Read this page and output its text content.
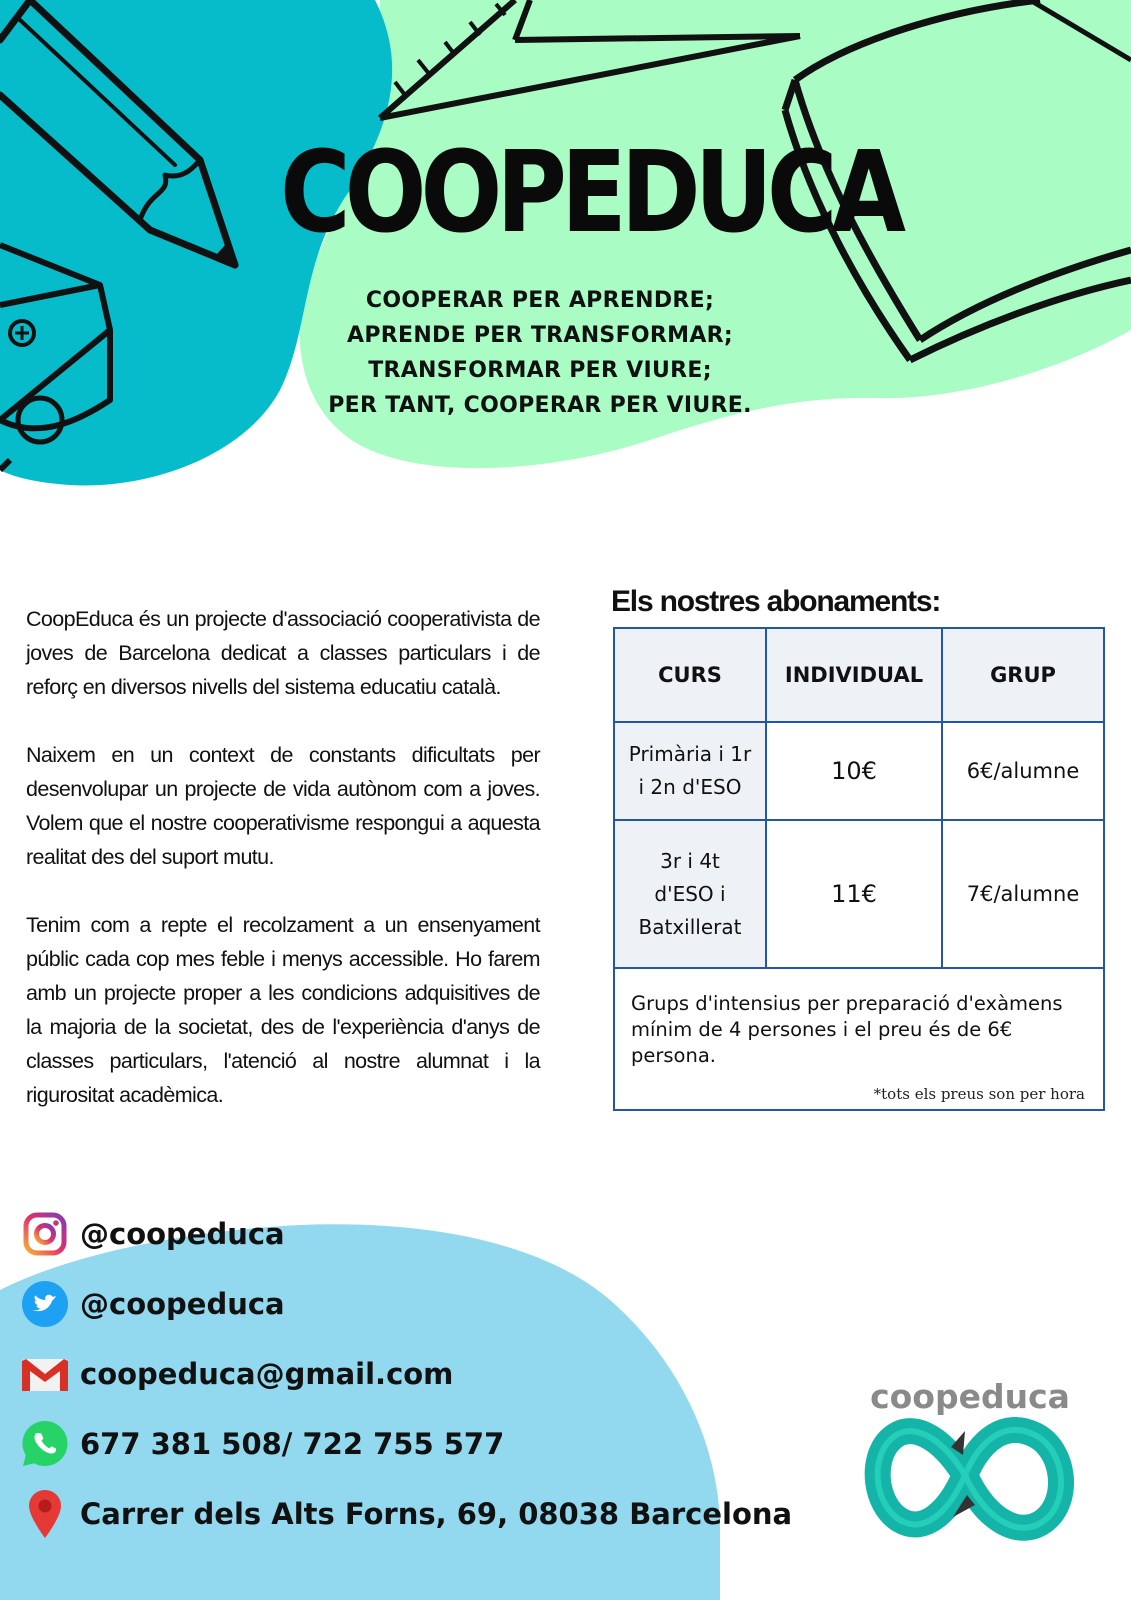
COOPEDUCA
COOPERAR PER APRENDRE;
APRENDE PER TRANSFORMAR;
TRANSFORMAR PER VIURE;
PER TANT, COOPERAR PER VIURE.

CoopEduca és un projecte d'associació cooperativista de joves de Barcelona dedicat a classes particulars i de reforç en diversos nivells del sistema educatiu català.

Naixem en un context de constants dificultats per desenvolupar un projecte de vida autònom com a joves. Volem que el nostre cooperativisme respongui a aquesta realitat des del suport mutu.

Tenim com a repte el recolzament a un ensenyament públic cada cop mes feble i menys accessible. Ho farem amb un projecte proper a les condicions adquisitives de la majoria de la societat, des de l'experiència d'anys de classes particulars, l'atenció al nostre alumnat i la rigurositat acadèmica.

Els nostres abonaments:
CURS	INDIVIDUAL	GRUP

Primària i 1r
i 2n d'ESO	10€	6€/alumne

3r i 4t
d'ESO i
Batxillerat	11€	7€/alumne

Grups d'intensius per preparació d'exàmens mínim de 4 persones i el preu és de 6€ persona.
*tots els preus son per hora		
@coopeduca
@coopeduca
coopeduca@gmail.com
677 381 508/ 722 755 577
Carrer dels Alts Forns, 69, 08038 Barcelona
coopeduca
